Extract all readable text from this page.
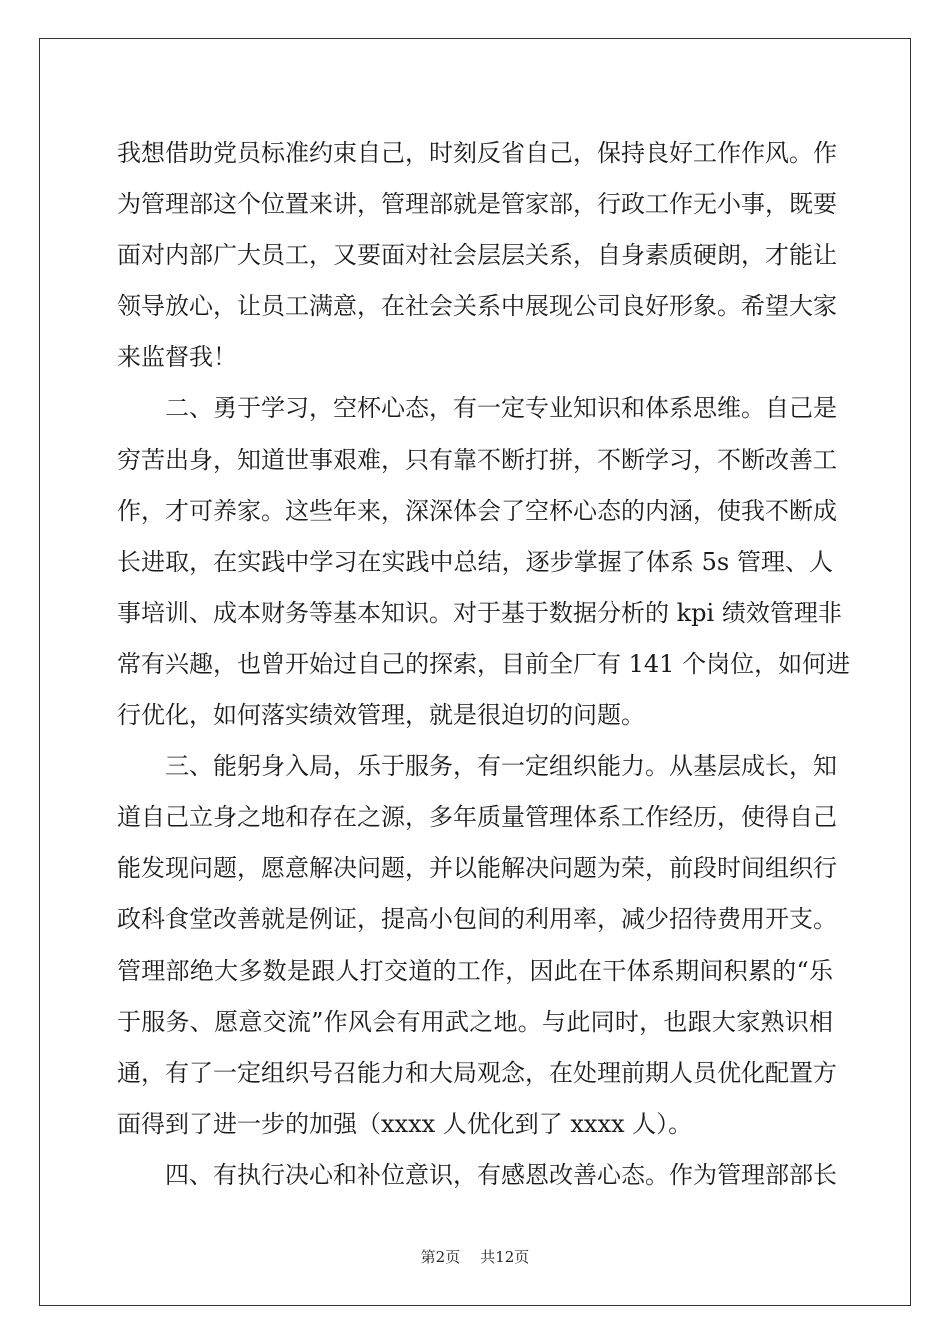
我想借助党员标准约束自己，时刻反省自己，保持良好工作作风。作
为管理部这个位置来讲，管理部就是管家部，行政工作无小事，既要
面对内部广大员工，又要面对社会层层关系，自身素质硬朗，才能让
领导放心，让员工满意，在社会关系中展现公司良好形象。希望大家
来监督我！
二、勇于学习，空杯心态，有一定专业知识和体系思维。自己是
穷苦出身，知道世事艰难，只有靠不断打拼，不断学习，不断改善工
作，才可养家。这些年来，深深体会了空杯心态的内涵，使我不断成
长进取，在实践中学习在实践中总结，逐步掌握了体系 5s 管理、人
事培训、成本财务等基本知识。对于基于数据分析的 kpi 绩效管理非
常有兴趣，也曾开始过自己的探索，目前全厂有 141 个岗位，如何进
行优化，如何落实绩效管理，就是很迫切的问题。
三、能躬身入局，乐于服务，有一定组织能力。从基层成长，知
道自己立身之地和存在之源，多年质量管理体系工作经历，使得自己
能发现问题，愿意解决问题，并以能解决问题为荣，前段时间组织行
政科食堂改善就是例证，提高小包间的利用率，减少招待费用开支。
管理部绝大多数是跟人打交道的工作，因此在干体系期间积累的“乐
于服务、愿意交流”作风会有用武之地。与此同时，也跟大家熟识相
通，有了一定组织号召能力和大局观念，在处理前期人员优化配置方
面得到了进一步的加强（xxxx 人优化到了 xxxx 人）。
四、有执行决心和补位意识，有感恩改善心态。作为管理部部长
第2页 共12页
